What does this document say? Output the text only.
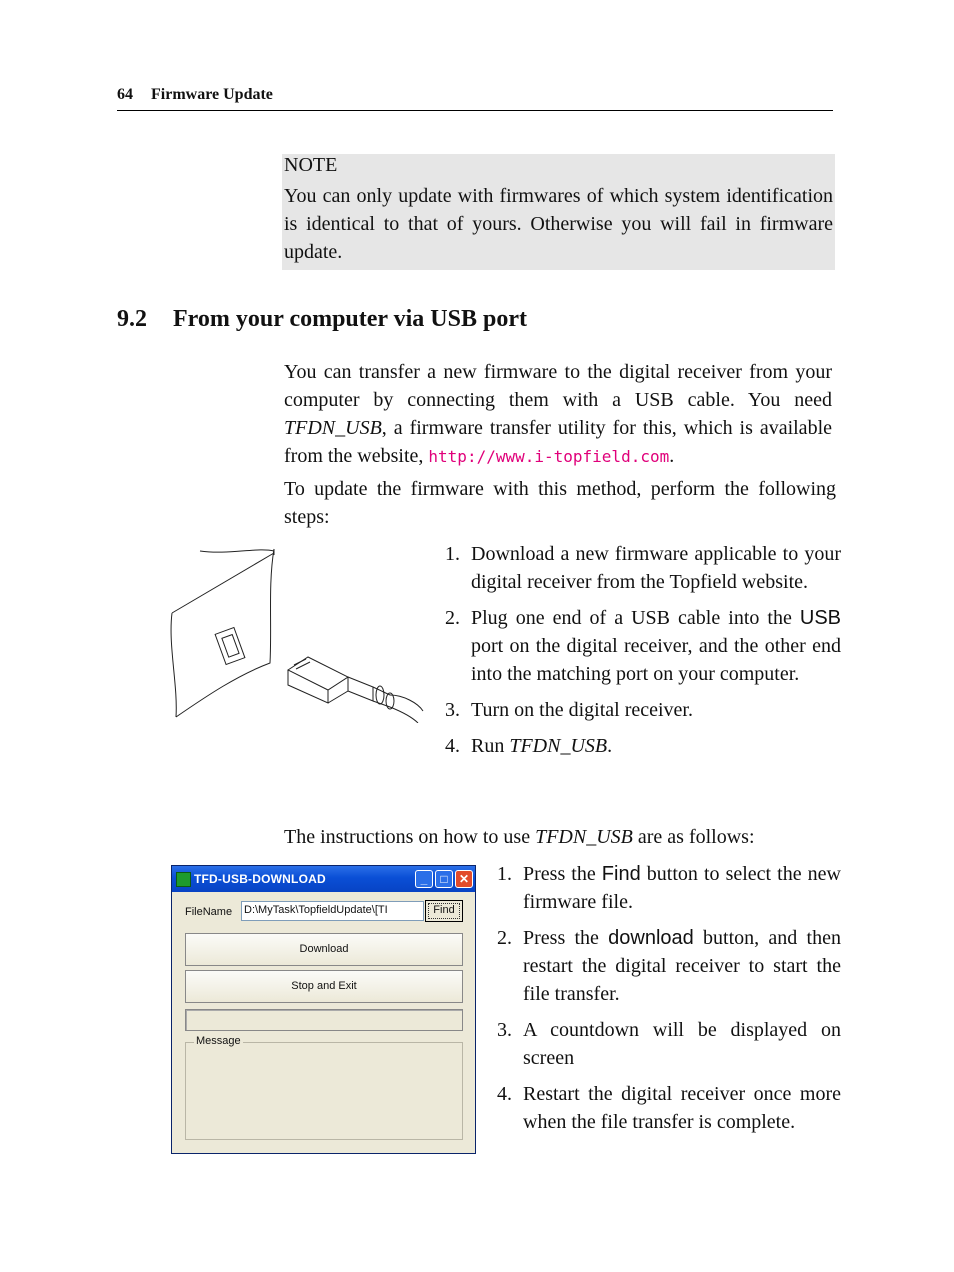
64 Firmware Update
NOTE
You can only update with firmwares of which system identification is identical to that of yours. Otherwise you will fail in firmware update.
9.2 From your computer via USB port
You can transfer a new firmware to the digital receiver from your computer by connecting them with a USB cable. You need TFDN_USB, a firmware transfer utility for this, which is available from the website, http://www.i-topfield.com.
To update the firmware with this method, perform the following steps:
1. Download a new firmware applicable to your digital receiver from the Topfield website.
2. Plug one end of a USB cable into the USB port on the digital receiver, and the other end into the matching port on your computer.
3. Turn on the digital receiver.
4. Run TFDN_USB.
The instructions on how to use TFDN_USB are as follows:
TFD-USB-DOWNLOAD	_	□ ✕
FileName D:\MyTask\TopfieldUpdate\[TI	Find
Download
Stop and Exit
Message
1. Press the Find button to select the new firmware file.
2. Press the download button, and then restart the digital receiver to start the file transfer.
3. A countdown will be displayed on screen
4. Restart the digital receiver once more when the file transfer is complete.
